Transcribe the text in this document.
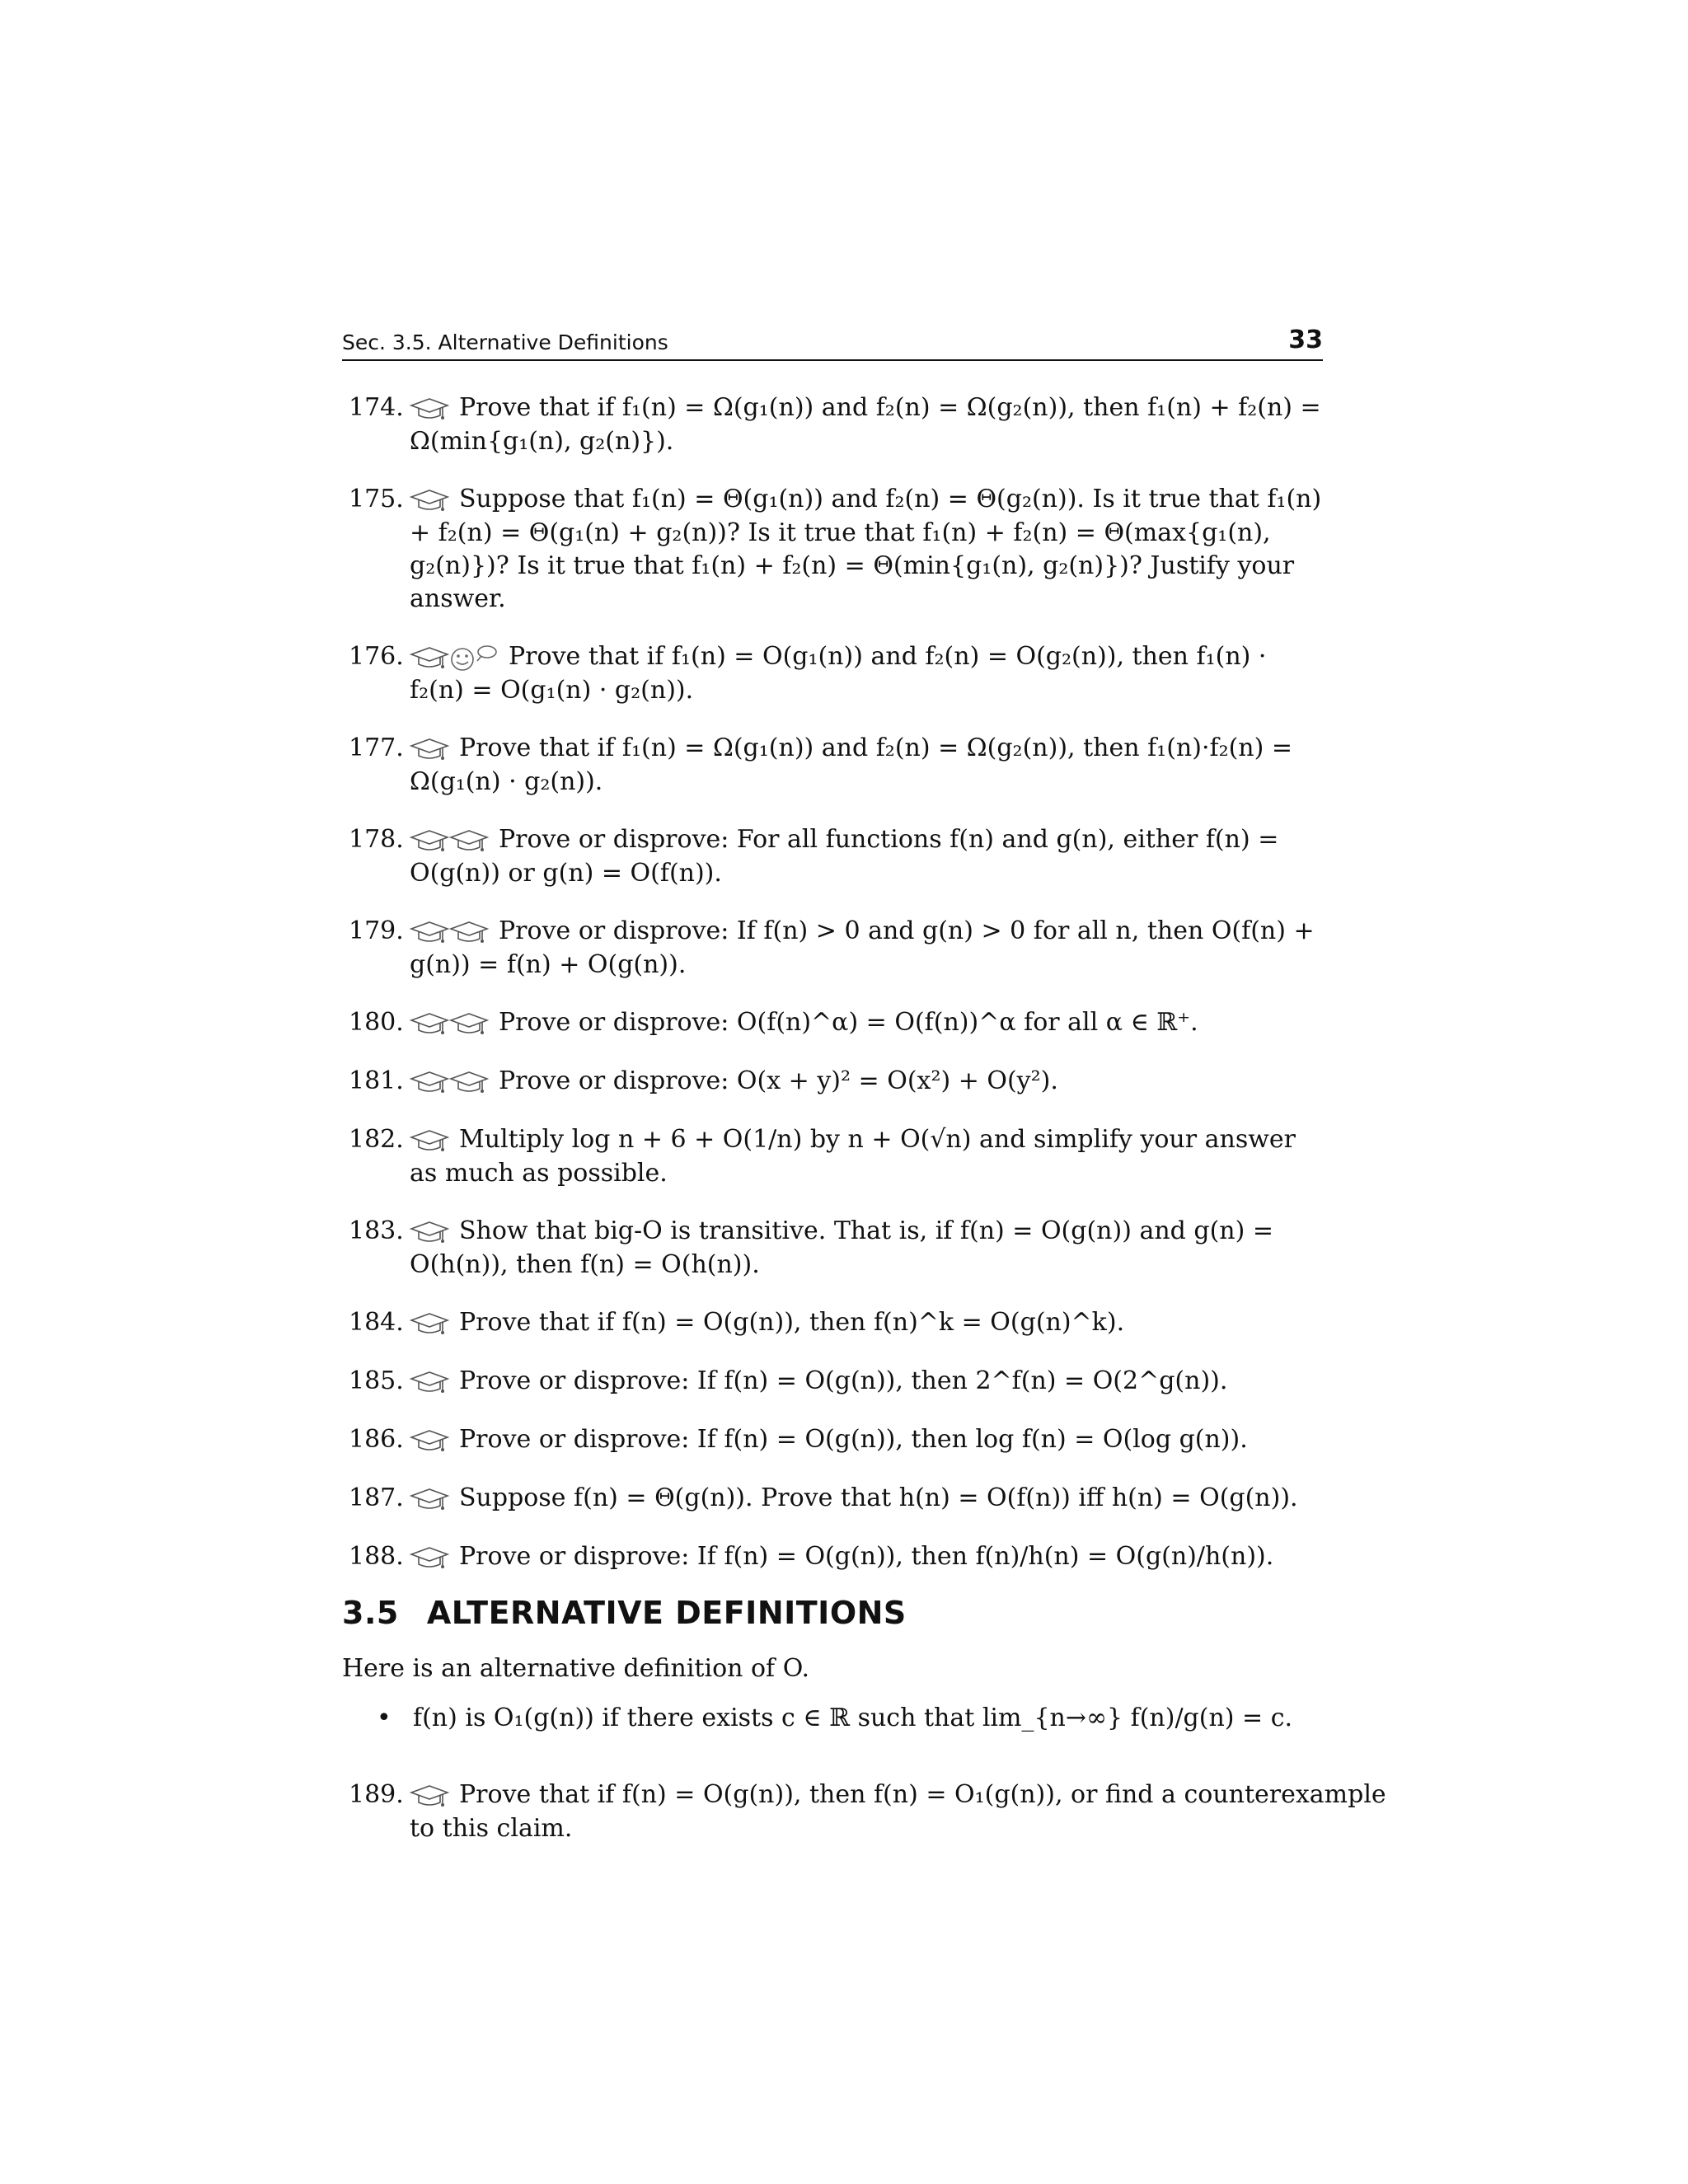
Sec. 3.5. Alternative Definitions	33
174. Prove that if f₁(n) = Ω(g₁(n)) and f₂(n) = Ω(g₂(n)), then f₁(n) + f₂(n) = Ω(min{g₁(n), g₂(n)}).
175. Suppose that f₁(n) = Θ(g₁(n)) and f₂(n) = Θ(g₂(n)). Is it true that f₁(n) + f₂(n) = Θ(g₁(n) + g₂(n))? Is it true that f₁(n) + f₂(n) = Θ(max{g₁(n), g₂(n)})? Is it true that f₁(n) + f₂(n) = Θ(min{g₁(n), g₂(n)})? Justify your answer.
176.	Prove that if f₁(n) = O(g₁(n)) and f₂(n) = O(g₂(n)), then f₁(n) · f₂(n) = O(g₁(n) · g₂(n)).
177. Prove that if f₁(n) = Ω(g₁(n)) and f₂(n) = Ω(g₂(n)), then f₁(n)·f₂(n) = Ω(g₁(n) · g₂(n)).
178.	Prove or disprove: For all functions f(n) and g(n), either f(n) = O(g(n)) or g(n) = O(f(n)).
179.	Prove or disprove: If f(n) > 0 and g(n) > 0 for all n, then O(f(n) + g(n)) = f(n) + O(g(n)).
180.	Prove or disprove: O(f(n)^α) = O(f(n))^α for all α ∈ ℝ⁺.
181.	Prove or disprove: O(x + y)² = O(x²) + O(y²).
182. Multiply log n + 6 + O(1/n) by n + O(√n) and simplify your answer as much as possible.
183. Show that big-O is transitive. That is, if f(n) = O(g(n)) and g(n) = O(h(n)), then f(n) = O(h(n)).
184. Prove that if f(n) = O(g(n)), then f(n)^k = O(g(n)^k).
185. Prove or disprove: If f(n) = O(g(n)), then 2^f(n) = O(2^g(n)).
186. Prove or disprove: If f(n) = O(g(n)), then log f(n) = O(log g(n)).
187. Suppose f(n) = Θ(g(n)). Prove that h(n) = O(f(n)) iff h(n) = O(g(n)).
188. Prove or disprove: If f(n) = O(g(n)), then f(n)/h(n) = O(g(n)/h(n)).
3.5 ALTERNATIVE DEFINITIONS
Here is an alternative definition of O.
• f(n) is O₁(g(n)) if there exists c ∈ ℝ such that lim_{n→∞} f(n)/g(n) = c.
189. Prove that if f(n) = O(g(n)), then f(n) = O₁(g(n)), or find a counterexample to this claim.
